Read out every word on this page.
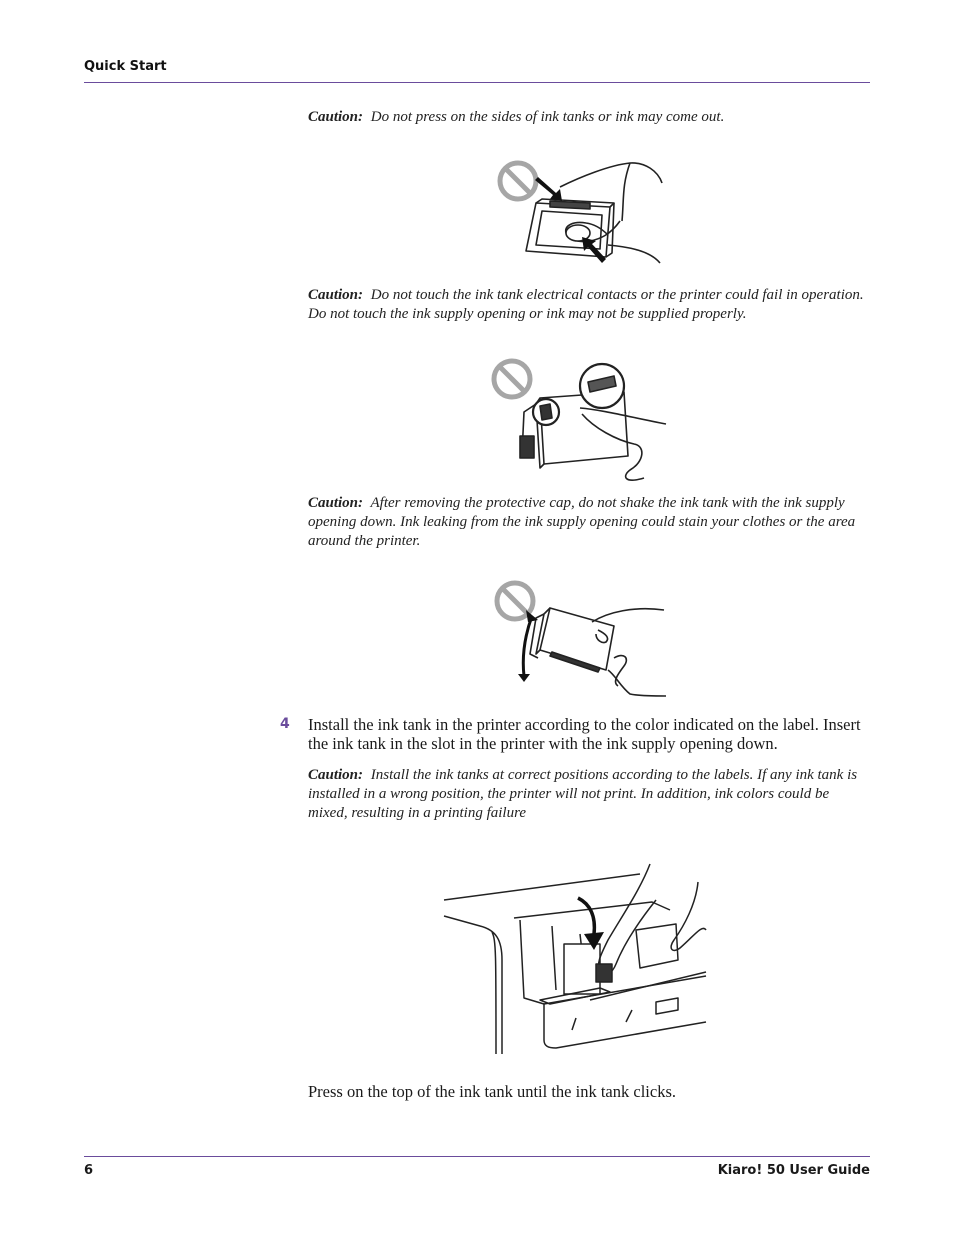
Quick Start
Caution: Do not press on the sides of ink tanks or ink may come out.
Caution: Do not touch the ink tank electrical contacts or the printer could fail in operation. Do not touch the ink supply opening or ink may not be supplied properly.
Caution: After removing the protective cap, do not shake the ink tank with the ink supply opening down. Ink leaking from the ink supply opening could stain your clothes or the area around the printer.
4 Install the ink tank in the printer according to the color indicated on the label. Insert the ink tank in the slot in the printer with the ink supply opening down.
Caution: Install the ink tanks at correct positions according to the labels. If any ink tank is installed in a wrong position, the printer will not print. In addition, ink colors could be mixed, resulting in a printing failure
Press on the top of the ink tank until the ink tank clicks.
6	Kiaro! 50 User Guide
